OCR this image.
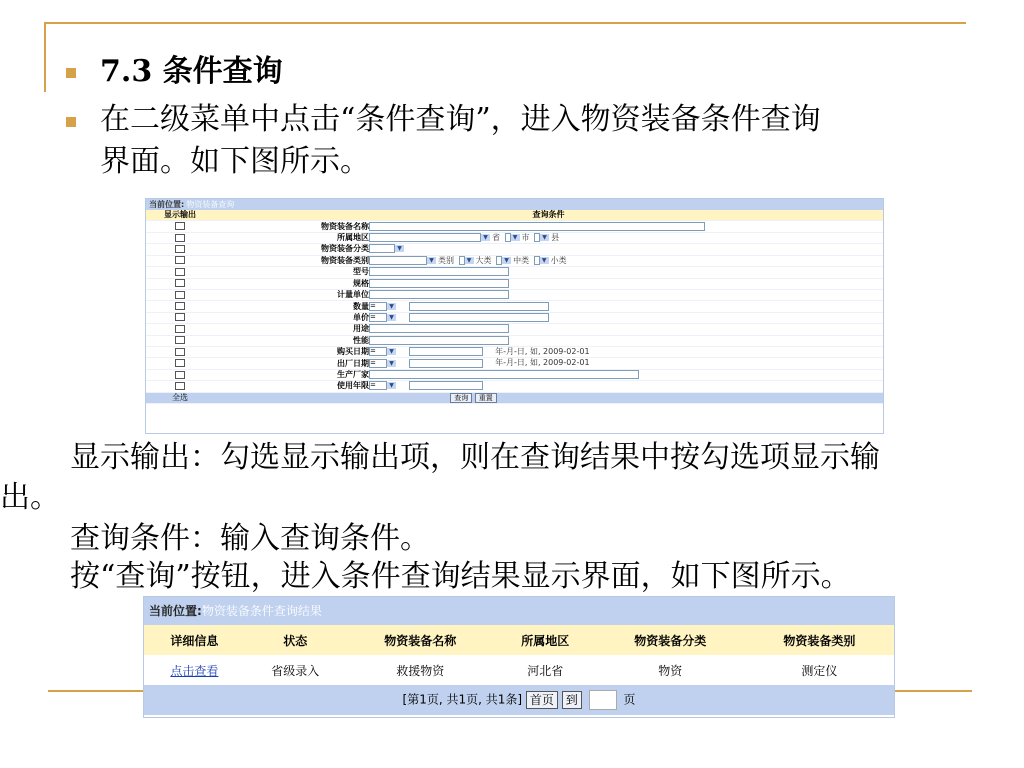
7.3 条件查询
在二级菜单中点击“条件查询”，进入物资装备条件查询
界面。如下图所示。
当前位置: 物资装备查询
显示输出	查询条件	
	物资装备名称	
	所属地区	▼ 省 ▼ 市 ▼ 县
	物资装备分类	▼
	物资装备类别	▼ 类别 ▼ 大类 ▼ 中类 ▼ 小类
	型号	
	规格	
	计量单位	
	数量	= ▼
	单价	= ▼
	用途	
	性能	
	购买日期	= ▼ 年-月-日, 如, 2009-02-01
	出厂日期	= ▼ 年-月-日, 如, 2009-02-01
	生产厂家	
	使用年限	= ▼
全选	查询 重置	
显示输出：勾选显示输出项，则在查询结果中按勾选项显示输
出。
查询条件：输入查询条件。
按“查询”按钮，进入条件查询结果显示界面，如下图所示。
当前位置:物资装备条件查询结果
详细信息	状态	物资装备名称	所属地区	物资装备分类	物资装备类别
点击查看	省级录入	救援物资	河北省	物资	测定仪
[第1页, 共1页, 共1条] 首页 到 页					
